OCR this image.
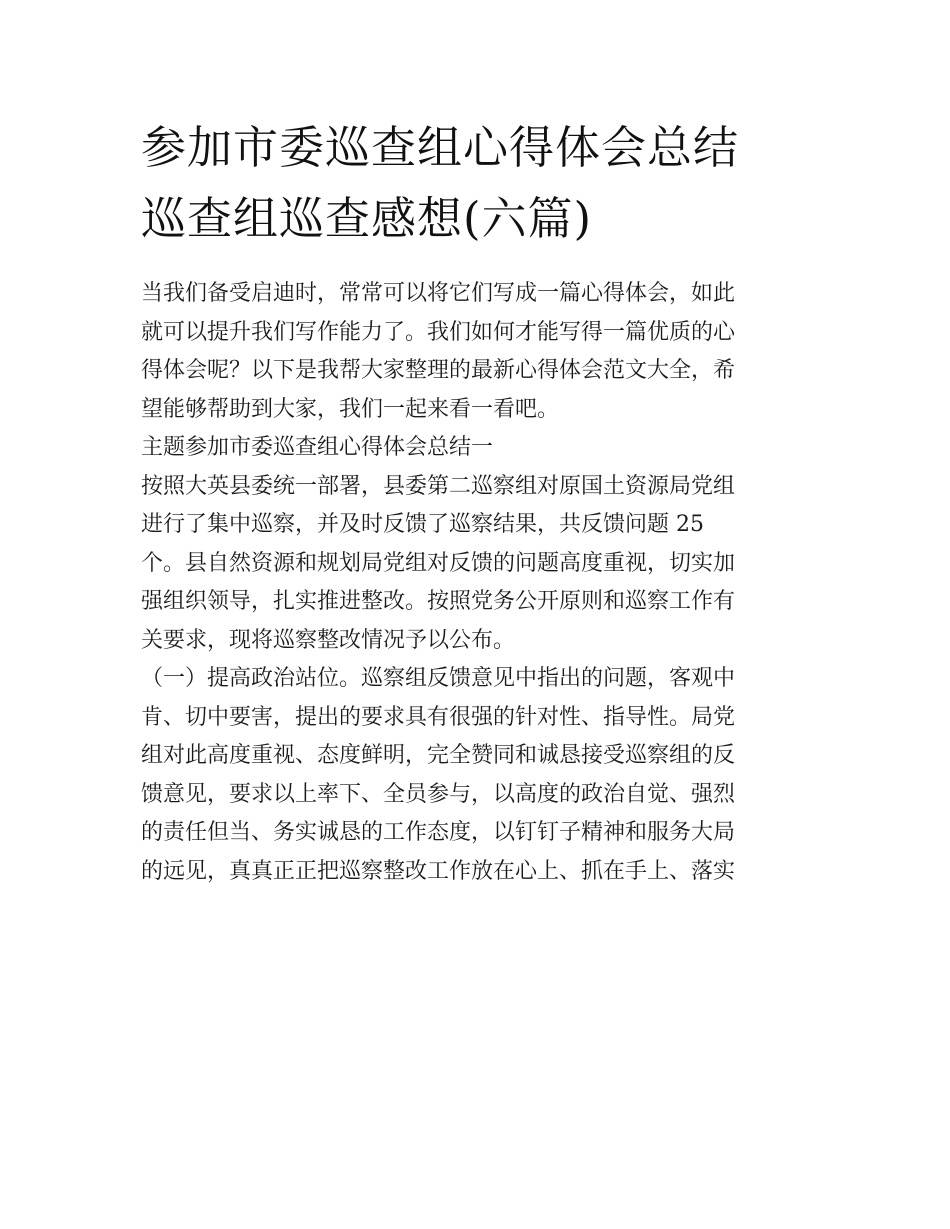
参加市委巡查组心得体会总结
巡查组巡查感想(六篇)
当我们备受启迪时，常常可以将它们写成一篇心得体会，如此
就可以提升我们写作能力了。我们如何才能写得一篇优质的心
得体会呢？以下是我帮大家整理的最新心得体会范文大全，希
望能够帮助到大家，我们一起来看一看吧。
主题参加市委巡查组心得体会总结一
按照大英县委统一部署，县委第二巡察组对原国土资源局党组
进行了集中巡察，并及时反馈了巡察结果，共反馈问题 25
个。县自然资源和规划局党组对反馈的问题高度重视，切实加
强组织领导，扎实推进整改。按照党务公开原则和巡察工作有
关要求，现将巡察整改情况予以公布。
（一）提高政治站位。巡察组反馈意见中指出的问题，客观中
肯、切中要害，提出的要求具有很强的针对性、指导性。局党
组对此高度重视、态度鲜明，完全赞同和诚恳接受巡察组的反
馈意见，要求以上率下、全员参与，以高度的政治自觉、强烈
的责任但当、务实诚恳的工作态度，以钉钉子精神和服务大局
的远见，真真正正把巡察整改工作放在心上、抓在手上、落实
